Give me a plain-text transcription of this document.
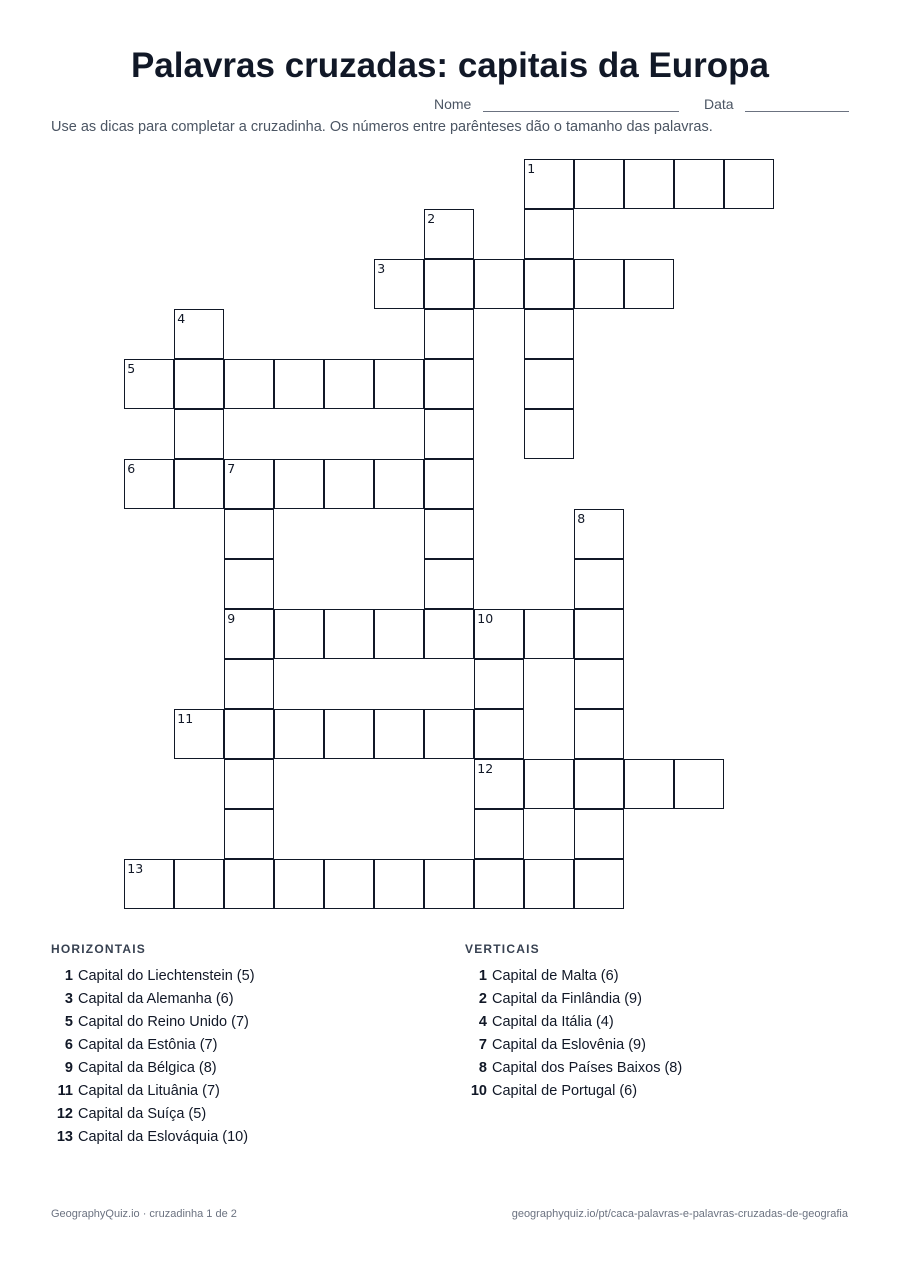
Palavras cruzadas: capitais da Europa
Nome	Data
Use as dicas para completar a cruzadinha. Os números entre parênteses dão o tamanho das palavras.
1
3
5
6	7
9	10
11
12
13
2
4
8
HORIZONTAIS
1 Capital do Liechtenstein (5)
3 Capital da Alemanha (6)
5 Capital do Reino Unido (7)
6 Capital da Estônia (7)
9 Capital da Bélgica (8)
11 Capital da Lituânia (7)
12 Capital da Suíça (5)
13 Capital da Eslováquia (10)
VERTICAIS
1 Capital de Malta (6)
2 Capital da Finlândia (9)
4 Capital da Itália (4)
7 Capital da Eslovênia (9)
8 Capital dos Países Baixos (8)
10 Capital de Portugal (6)
GeographyQuiz.io · cruzadinha 1 de 2	geographyquiz.io/pt/caca-palavras-e-palavras-cruzadas-de-geografia
